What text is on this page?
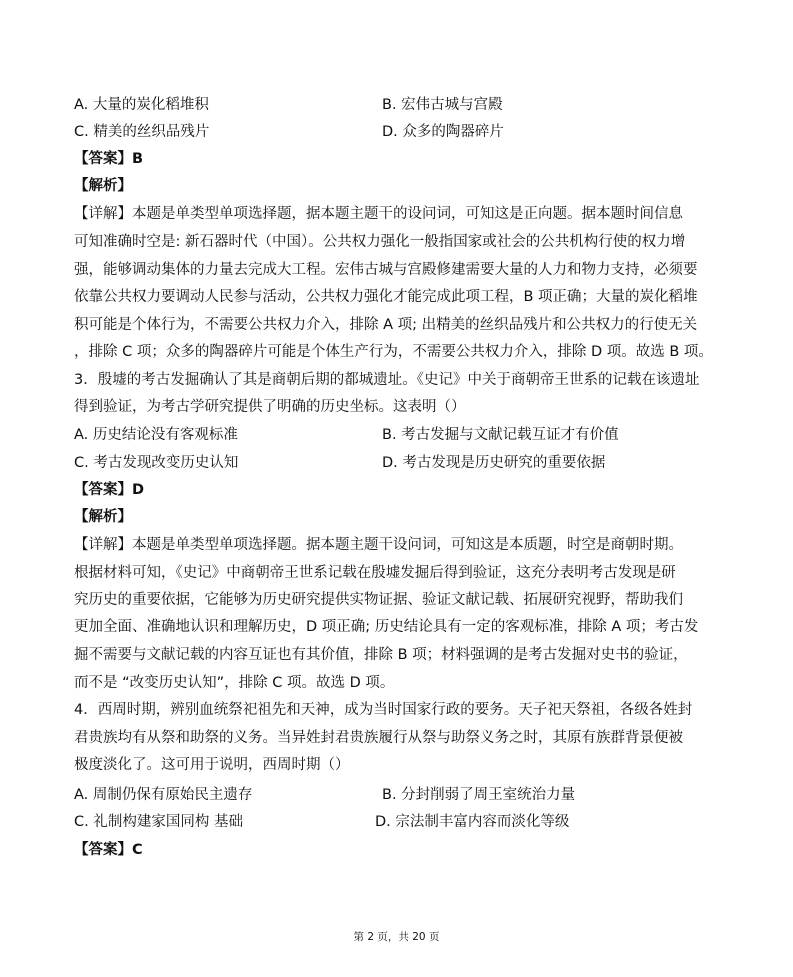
A. 大量的炭化稻堆积	B. 宏伟古城与宫殿
C. 精美的丝织品残片	D. 众多的陶器碎片
【答案】B
【解析】
【详解】本题是单类型单项选择题，据本题主题干的设问词，可知这是正向题。据本题时间信息
可知准确时空是: 新石器时代（中国）。公共权力强化一般指国家或社会的公共机构行使的权力增
强，能够调动集体的力量去完成大工程。宏伟古城与宫殿修建需要大量的人力和物力支持，必须要
依靠公共权力要调动人民参与活动，公共权力强化才能完成此项工程，B 项正确；大量的炭化稻堆
积可能是个体行为，不需要公共权力介入，排除 A 项; 出精美的丝织品残片和公共权力的行使无关
，排除 C 项；众多的陶器碎片可能是个体生产行为，不需要公共权力介入，排除 D 项。故选 B 项。
3．殷墟的考古发掘确认了其是商朝后期的都城遗址。《史记》中关于商朝帝王世系的记载在该遗址
得到验证，为考古学研究提供了明确的历史坐标。这表明（）
A. 历史结论没有客观标准	B. 考古发掘与文献记载互证才有价值
C. 考古发现改变历史认知	D. 考古发现是历史研究的重要依据
【答案】D
【解析】
【详解】本题是单类型单项选择题。据本题主题干设问词，可知这是本质题，时空是商朝时期。
根据材料可知，《史记》中商朝帝王世系记载在殷墟发掘后得到验证，这充分表明考古发现是研
究历史的重要依据，它能够为历史研究提供实物证据、验证文献记载、拓展研究视野，帮助我们
更加全面、准确地认识和理解历史，D 项正确; 历史结论具有一定的客观标准，排除 A 项；考古发
掘不需要与文献记载的内容互证也有其价值，排除 B 项；材料强调的是考古发掘对史书的验证，
而不是 “改变历史认知”，排除 C 项。故选 D 项。
4．西周时期，辨别血统祭祀祖先和天神，成为当时国家行政的要务。天子祀天祭祖，各级各姓封
君贵族均有从祭和助祭的义务。当异姓封君贵族履行从祭与助祭义务之时，其原有族群背景便被
极度淡化了。这可用于说明，西周时期（）
A. 周制仍保有原始民主遗存	B. 分封削弱了周王室统治力量
C. 礼制构建家国同构 基础	D. 宗法制丰富内容而淡化等级
【答案】C
第 2 页，共 20 页
